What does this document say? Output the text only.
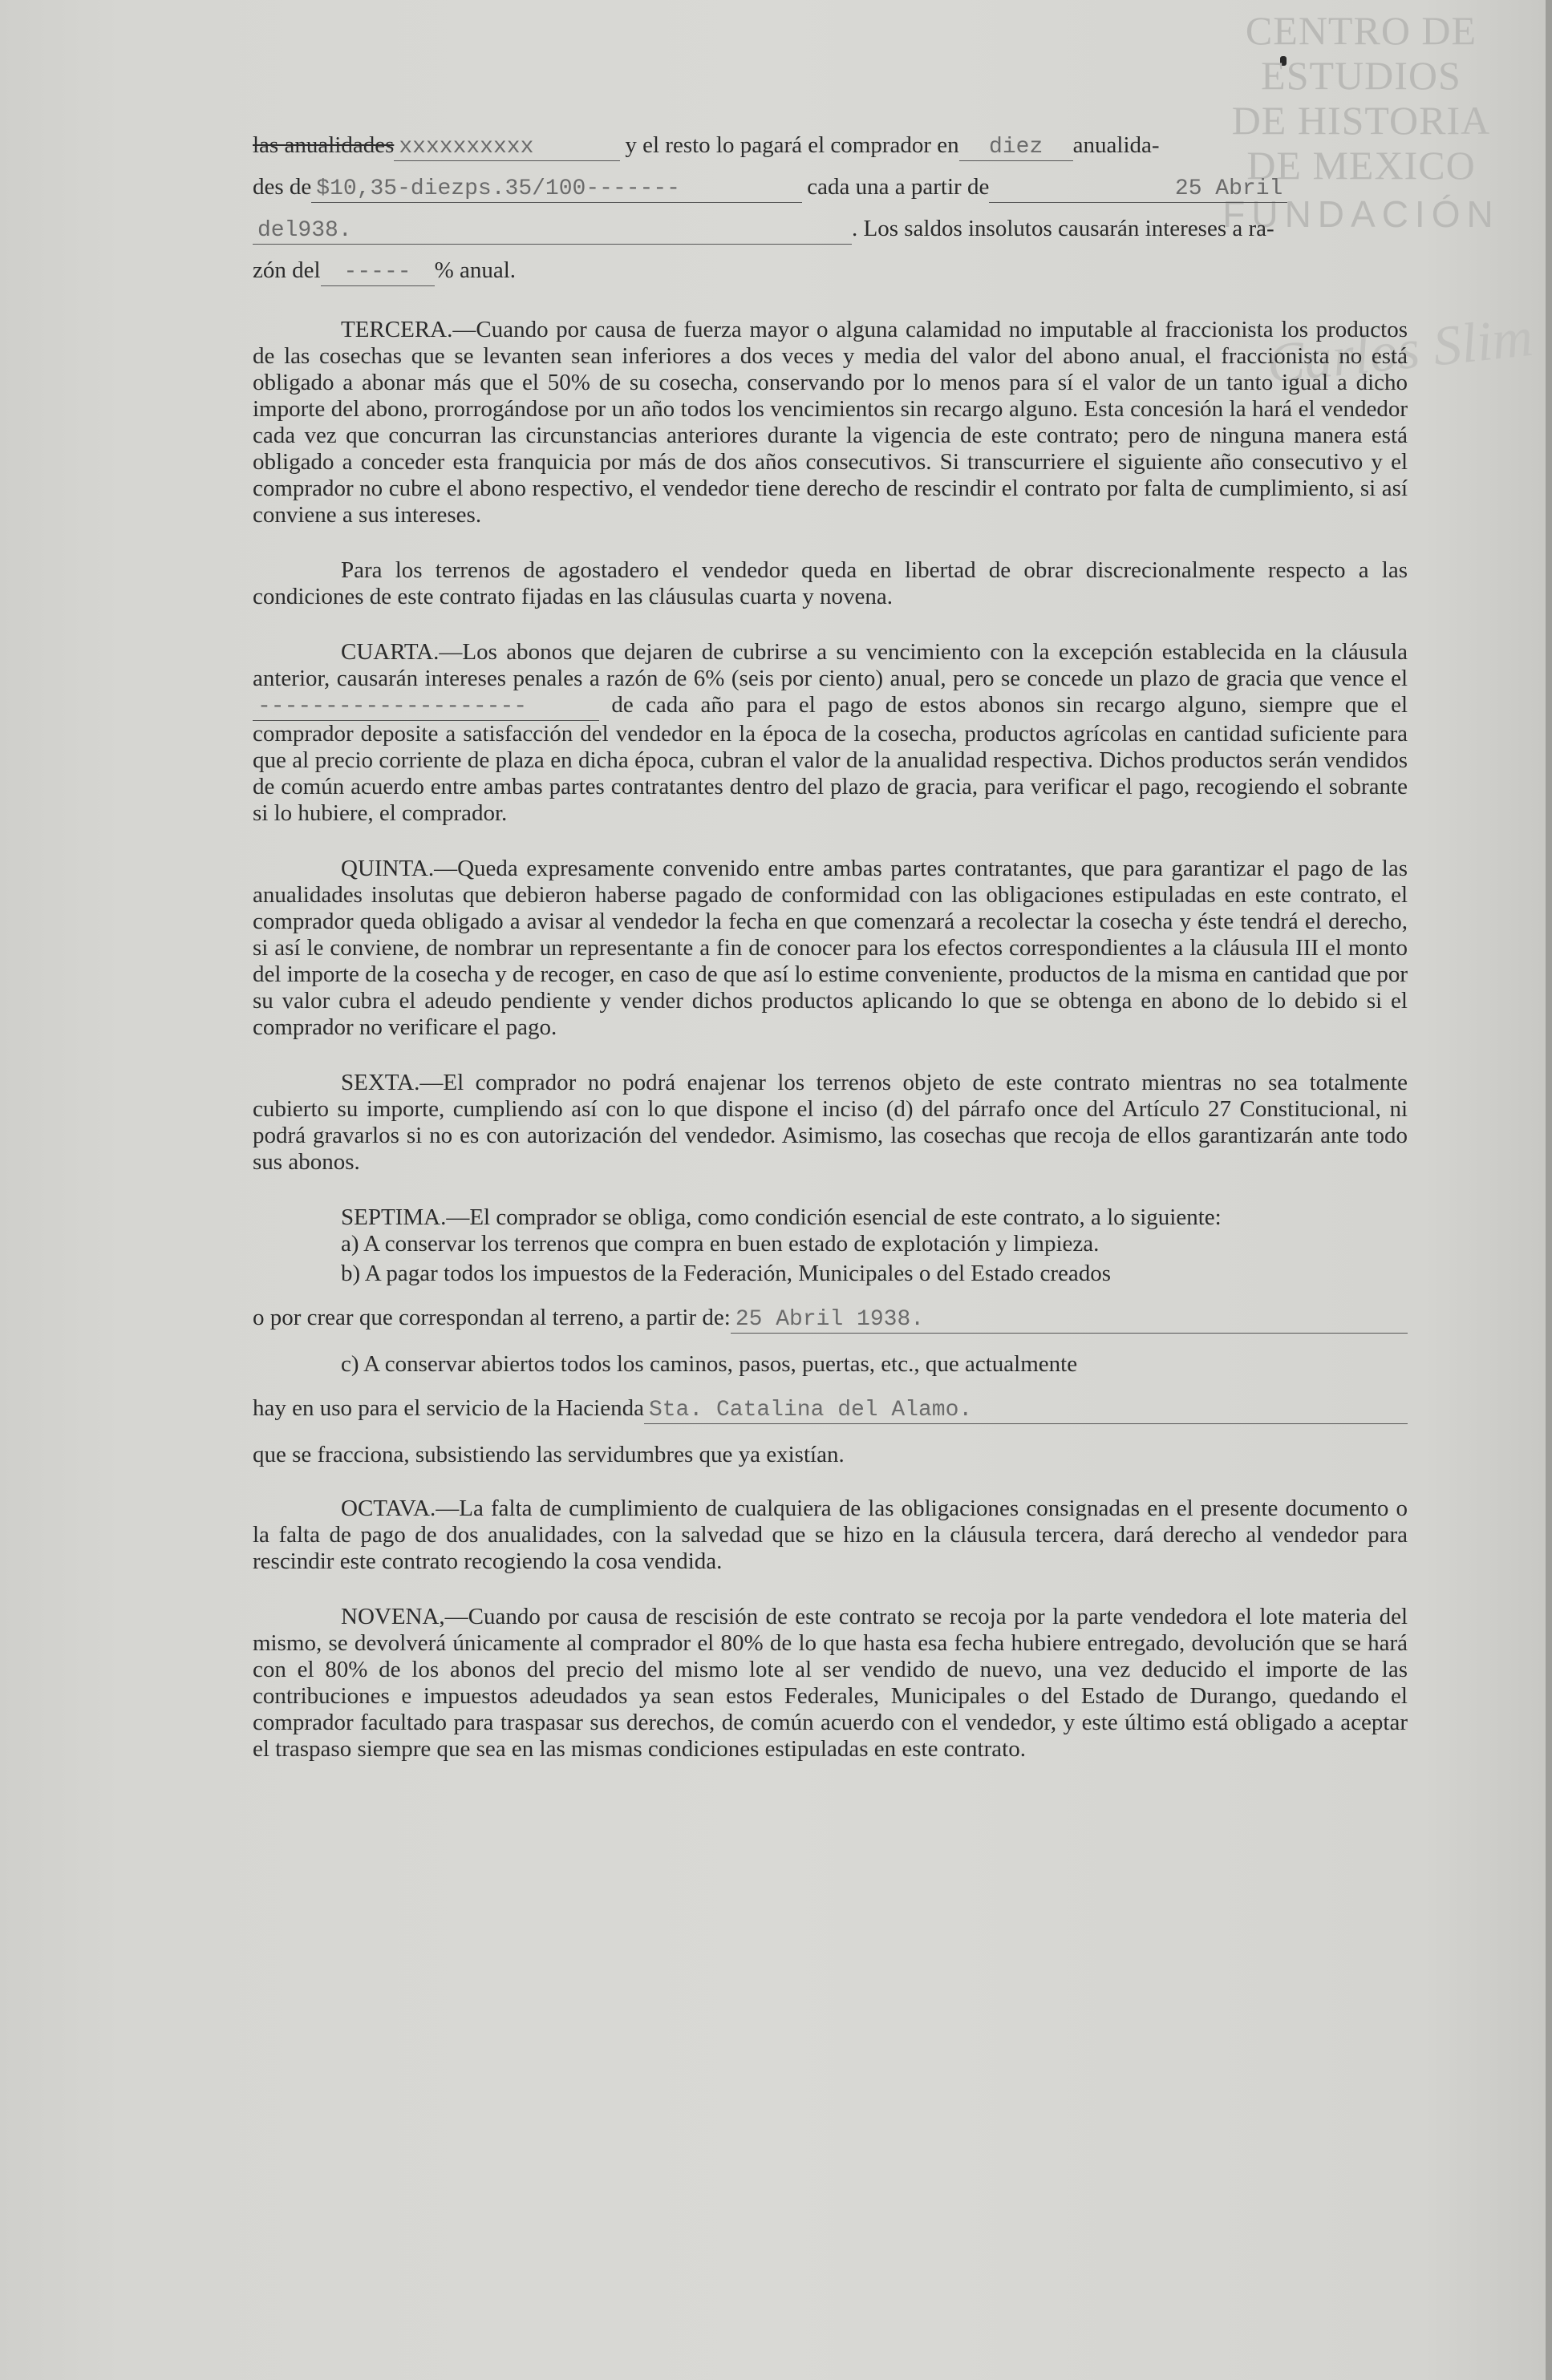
CENTRO DE
ESTUDIOS
DE HISTORIA
DE MEXICO
FUNDACIÓN
Carlos Slim
las anualidades xxxxxxxxxx	y el resto lo pagará el comprador en	diez	anualida-
des de $10,35-diezps.35/100-------	cada una a partir de	25 Abril
del938.	. Los saldos insolutos causarán intereses a ra-
zón del	-----	% anual.

TERCERA.—Cuando por causa de fuerza mayor o alguna calamidad no imputable al fraccionista los productos de las cosechas que se levanten sean inferiores a dos veces y media del valor del abono anual, el fraccionista no está obligado a abonar más que el 50% de su cosecha, conservando por lo menos para sí el valor de un tanto igual a dicho importe del abono, prorrogándose por un año todos los vencimientos sin recargo alguno. Esta concesión la hará el vendedor cada vez que concurran las circunstancias anteriores durante la vigencia de este contrato; pero de ninguna manera está obligado a conceder esta franquicia por más de dos años consecutivos. Si transcurriere el siguiente año consecutivo y el comprador no cubre el abono respectivo, el vendedor tiene derecho de rescindir el contrato por falta de cumplimiento, si así conviene a sus intereses.

Para los terrenos de agostadero el vendedor queda en libertad de obrar discrecionalmente respecto a las condiciones de este contrato fijadas en las cláusulas cuarta y novena.

CUARTA.—Los abonos que dejaren de cubrirse a su vencimiento con la excepción establecida en la cláusula anterior, causarán intereses penales a razón de 6% (seis por ciento) anual, pero se concede un plazo de gracia que vence el --------------------	de cada año para el pago de estos abonos sin recargo alguno, siempre que el comprador deposite a satisfacción del vendedor en la época de la cosecha, productos agrícolas en cantidad suficiente para que al precio corriente de plaza en dicha época, cubran el valor de la anualidad respectiva. Dichos productos serán vendidos de común acuerdo entre ambas partes contratantes dentro del plazo de gracia, para verificar el pago, recogiendo el sobrante si lo hubiere, el comprador.

QUINTA.—Queda expresamente convenido entre ambas partes contratantes, que para garantizar el pago de las anualidades insolutas que debieron haberse pagado de conformidad con las obligaciones estipuladas en este contrato, el comprador queda obligado a avisar al vendedor la fecha en que comenzará a recolectar la cosecha y éste tendrá el derecho, si así le conviene, de nombrar un representante a fin de conocer para los efectos correspondientes a la cláusula III el monto del importe de la cosecha y de recoger, en caso de que así lo estime conveniente, productos de la misma en cantidad que por su valor cubra el adeudo pendiente y vender dichos productos aplicando lo que se obtenga en abono de lo debido si el comprador no verificare el pago.

SEXTA.—El comprador no podrá enajenar los terrenos objeto de este contrato mientras no sea totalmente cubierto su importe, cumpliendo así con lo que dispone el inciso (d) del párrafo once del Artículo 27 Constitucional, ni podrá gravarlos si no es con autorización del vendedor. Asimismo, las cosechas que recoja de ellos garantizarán ante todo sus abonos.

SEPTIMA.—El comprador se obliga, como condición esencial de este contrato, a lo siguiente:
a) A conservar los terrenos que compra en buen estado de explotación y limpieza.
b) A pagar todos los impuestos de la Federación, Municipales o del Estado creados
o por crear que correspondan al terreno, a partir de: 25 Abril 1938.
c) A conservar abiertos todos los caminos, pasos, puertas, etc., que actualmente
hay en uso para el servicio de la Hacienda Sta. Catalina del Alamo.
que se fracciona, subsistiendo las servidumbres que ya existían.

OCTAVA.—La falta de cumplimiento de cualquiera de las obligaciones consignadas en el presente documento o la falta de pago de dos anualidades, con la salvedad que se hizo en la cláusula tercera, dará derecho al vendedor para rescindir este contrato recogiendo la cosa vendida.

NOVENA,—Cuando por causa de rescisión de este contrato se recoja por la parte vendedora el lote materia del mismo, se devolverá únicamente al comprador el 80% de lo que hasta esa fecha hubiere entregado, devolución que se hará con el 80% de los abonos del precio del mismo lote al ser vendido de nuevo, una vez deducido el importe de las contribuciones e impuestos adeudados ya sean estos Federales, Municipales o del Estado de Durango, quedando el comprador facultado para traspasar sus derechos, de común acuerdo con el vendedor, y este último está obligado a aceptar el traspaso siempre que sea en las mismas condiciones estipuladas en este contrato.
